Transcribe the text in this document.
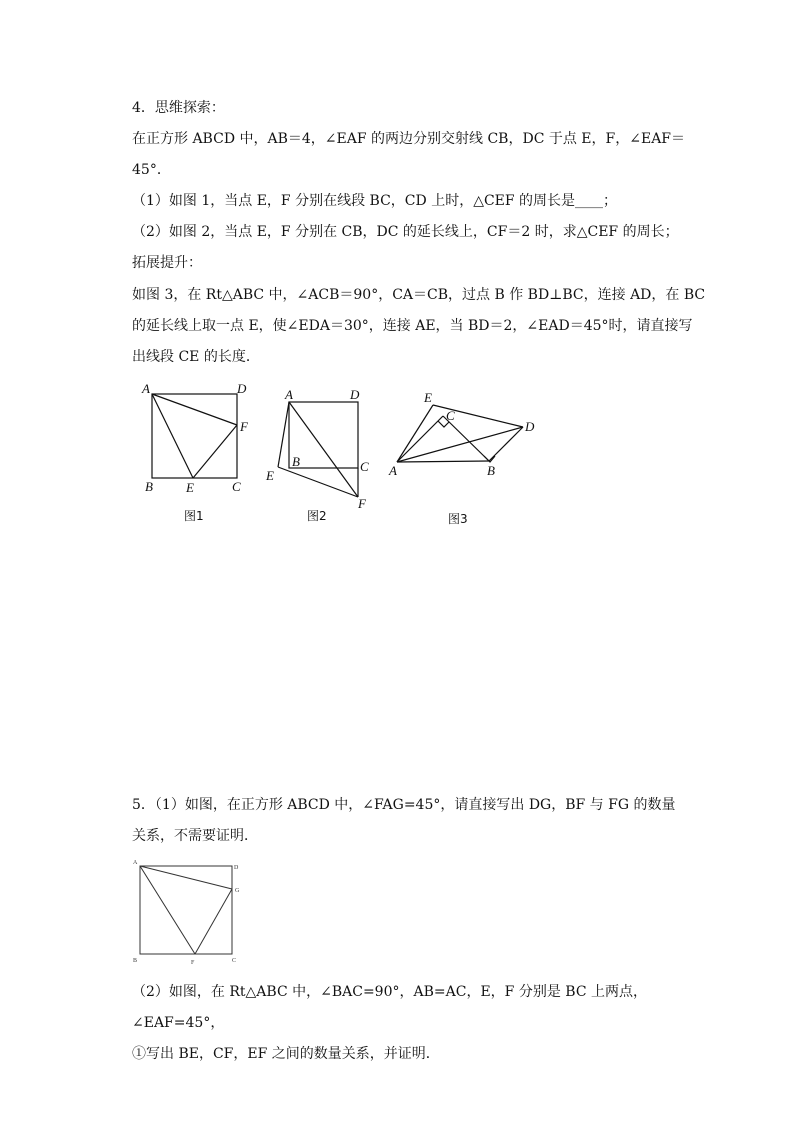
4．思维探索：
在正方形 ABCD 中，AB＝4，∠EAF 的两边分别交射线 CB，DC 于点 E，F，∠EAF＝
45°．
（1）如图 1，当点 E，F 分别在线段 BC，CD 上时，△CEF 的周长是____；
（2）如图 2，当点 E，F 分别在 CB，DC 的延长线上，CF＝2 时，求△CEF 的周长；
拓展提升：
如图 3，在 Rt△ABC 中，∠ACB＝90°，CA＝CB，过点 B 作 BD⊥BC，连接 AD，在 BC
的延长线上取一点 E，使∠EDA＝30°，连接 AE，当 BD＝2，∠EAD＝45°时，请直接写
出线段 CE 的长度．
A	D
F
B	E	C
图1
A	D
B	C
E
F
图2
E
C
D
A	B
图3
5．（1）如图，在正方形 ABCD 中，∠FAG=45°，请直接写出 DG，BF 与 FG 的数量
关系，不需要证明．
A
D
G
B	F	C
（2）如图，在 Rt△ABC 中，∠BAC=90°，AB=AC，E，F 分别是 BC 上两点，
∠EAF=45°，
①写出 BE，CF，EF 之间的数量关系，并证明．
